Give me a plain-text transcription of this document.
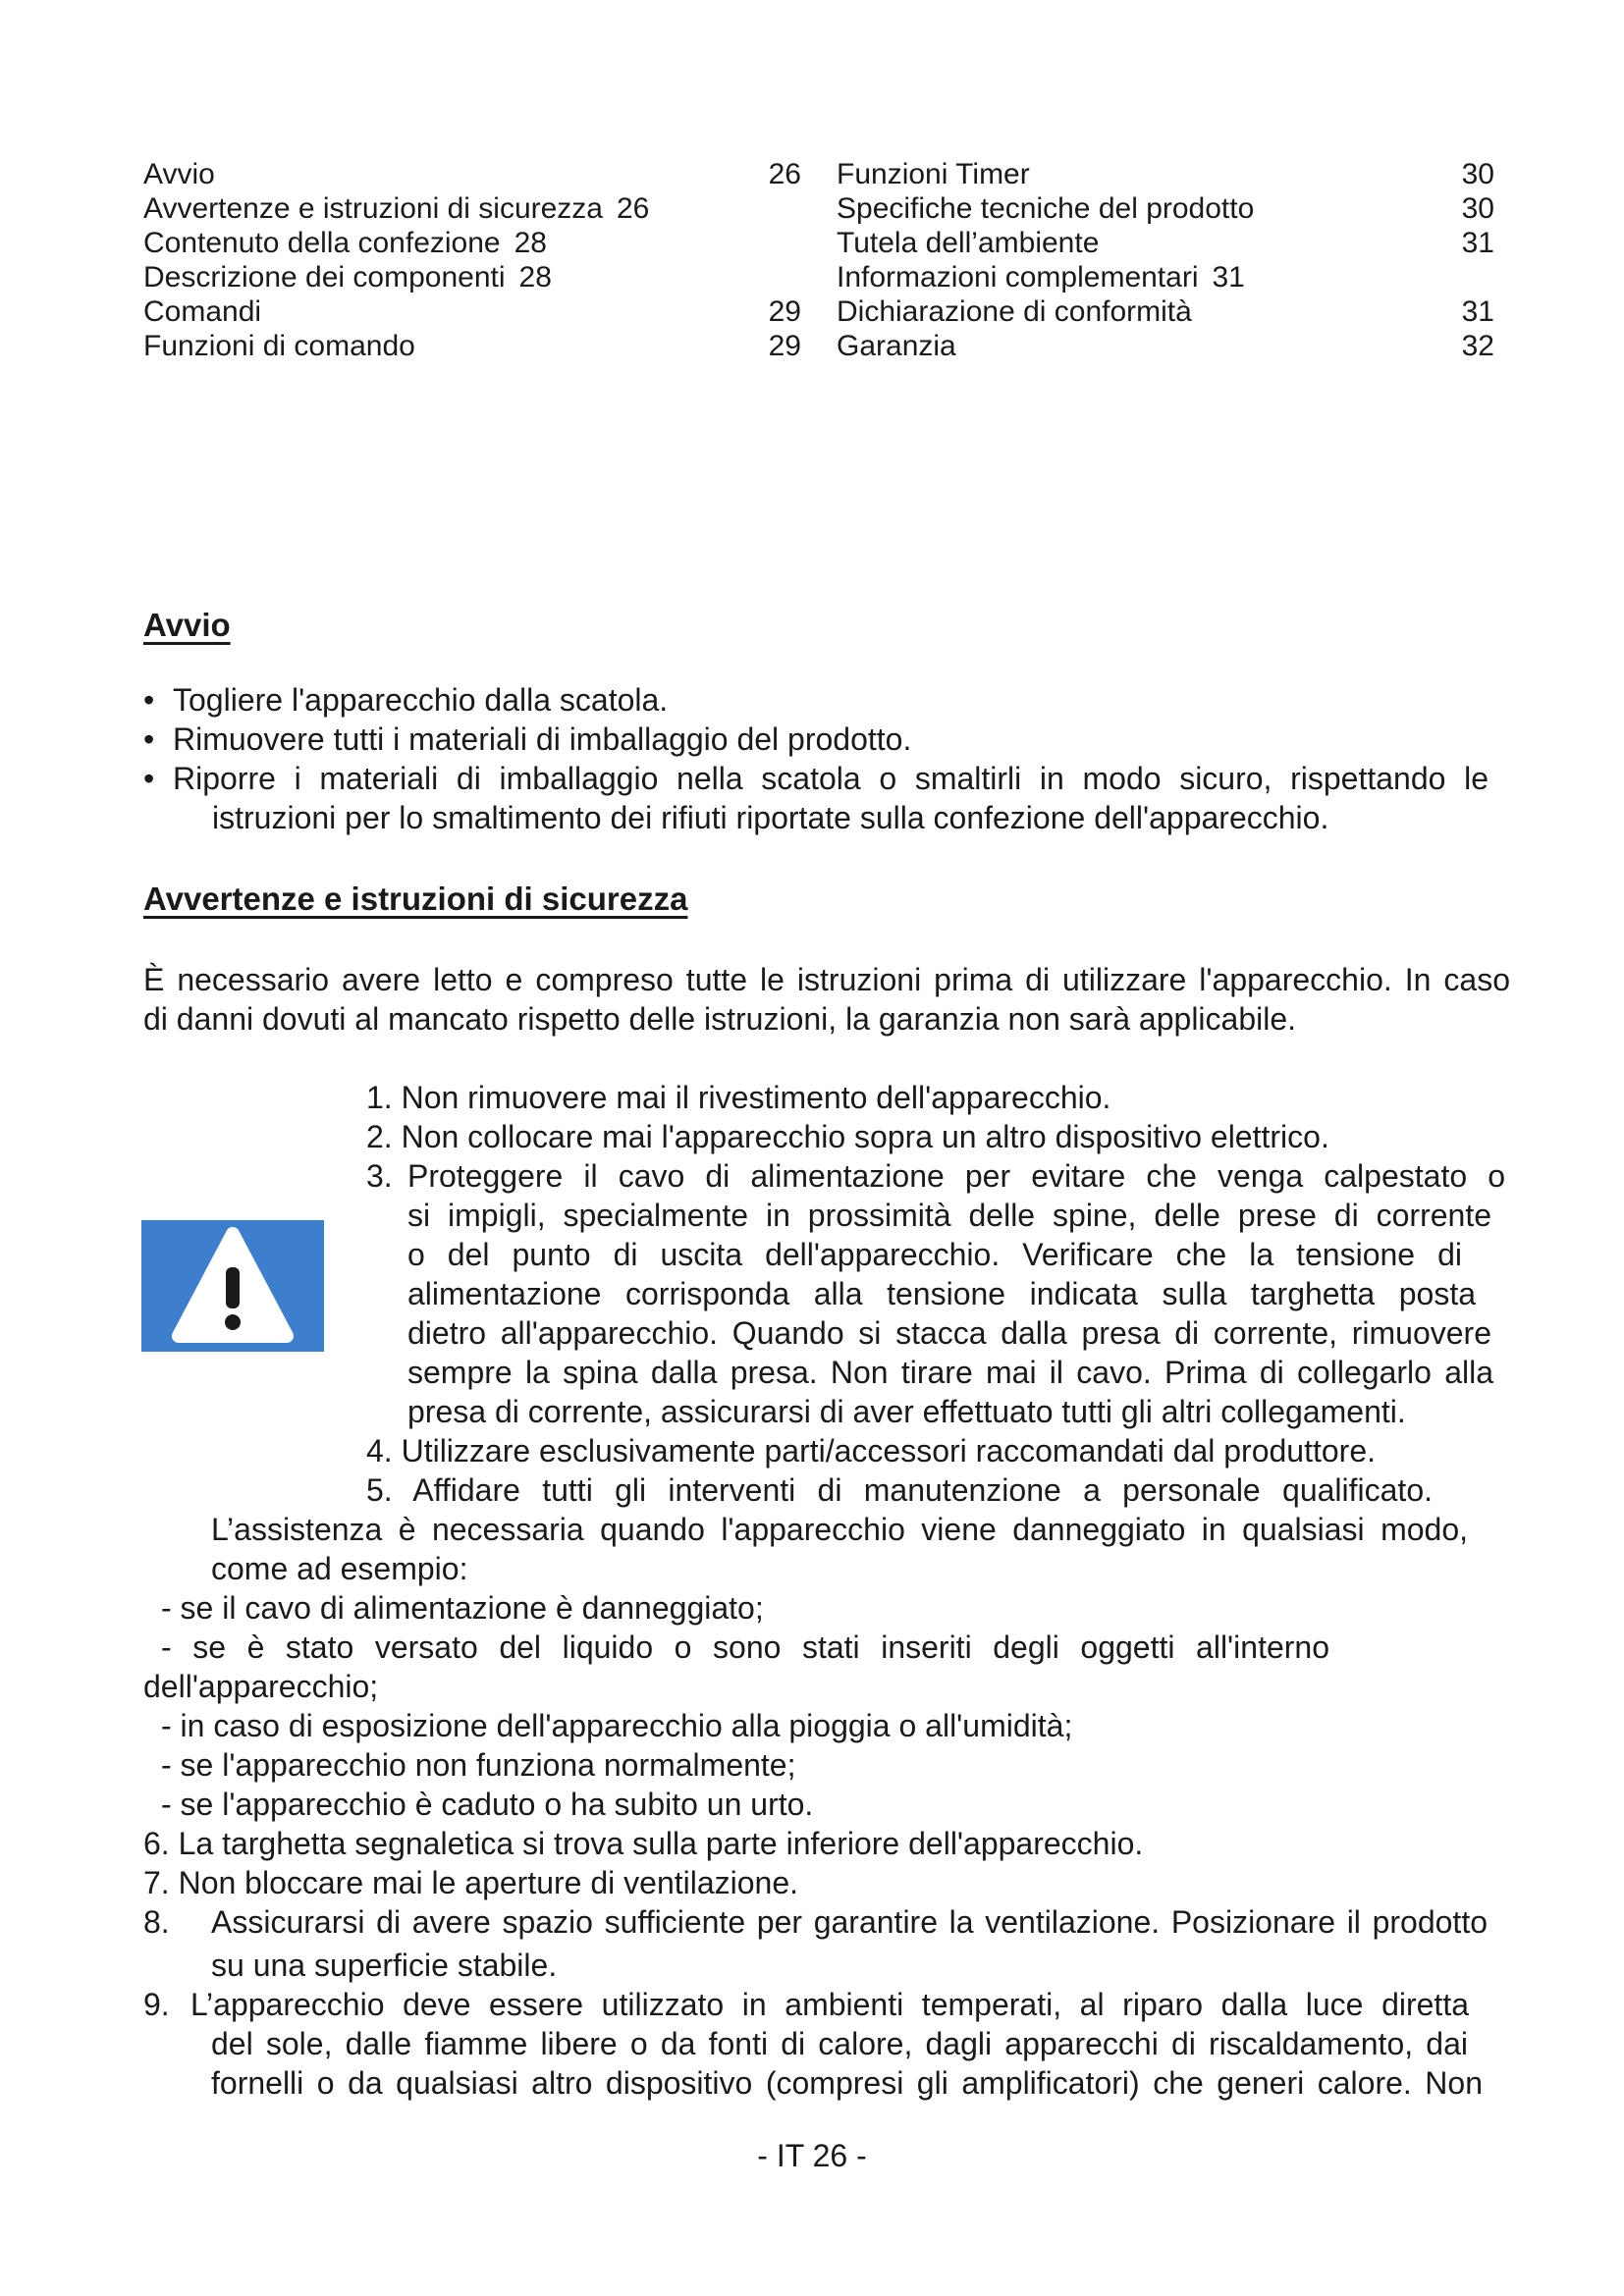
Avvio	26
Avvertenze e istruzioni di sicurezza 26
Contenuto della confezione 28
Descrizione dei componenti 28
Comandi	29
Funzioni di comando	29
Funzioni Timer	30
Specifiche tecniche del prodotto	30
Tutela dell’ambiente	31
Informazioni complementari 31
Dichiarazione di conformità	31
Garanzia	32
Avvio
• Togliere l'apparecchio dalla scatola.
• Rimuovere tutti i materiali di imballaggio del prodotto.
• Riporre i materiali di imballaggio nella scatola o smaltirli in modo sicuro, rispettando le
istruzioni per lo smaltimento dei rifiuti riportate sulla confezione dell'apparecchio.
Avvertenze e istruzioni di sicurezza
È necessario avere letto e compreso tutte le istruzioni prima di utilizzare l'apparecchio. In caso
di danni dovuti al mancato rispetto delle istruzioni, la garanzia non sarà applicabile.
1. Non rimuovere mai il rivestimento dell'apparecchio.
2. Non collocare mai l'apparecchio sopra un altro dispositivo elettrico.
3. Proteggere il cavo di alimentazione per evitare che venga calpestato o
si impigli, specialmente in prossimità delle spine, delle prese di corrente
o del punto di uscita dell'apparecchio. Verificare che la tensione di
alimentazione corrisponda alla tensione indicata sulla targhetta posta
dietro all'apparecchio. Quando si stacca dalla presa di corrente, rimuovere
sempre la spina dalla presa. Non tirare mai il cavo. Prima di collegarlo alla
presa di corrente, assicurarsi di aver effettuato tutti gli altri collegamenti.
4. Utilizzare esclusivamente parti/accessori raccomandati dal produttore.
5. Affidare tutti gli interventi di manutenzione a personale qualificato.
L’assistenza è necessaria quando l'apparecchio viene danneggiato in qualsiasi modo,
come ad esempio:
- se il cavo di alimentazione è danneggiato;
- se è stato versato del liquido o sono stati inseriti degli oggetti all'interno
dell'apparecchio;
- in caso di esposizione dell'apparecchio alla pioggia o all'umidità;
- se l'apparecchio non funziona normalmente;
- se l'apparecchio è caduto o ha subito un urto.
6. La targhetta segnaletica si trova sulla parte inferiore dell'apparecchio.
7. Non bloccare mai le aperture di ventilazione.
8. Assicurarsi di avere spazio sufficiente per garantire la ventilazione. Posizionare il prodotto
su una superficie stabile.
9. L’apparecchio deve essere utilizzato in ambienti temperati, al riparo dalla luce diretta
del sole, dalle fiamme libere o da fonti di calore, dagli apparecchi di riscaldamento, dai
fornelli o da qualsiasi altro dispositivo (compresi gli amplificatori) che generi calore. Non
- IT 26 -
